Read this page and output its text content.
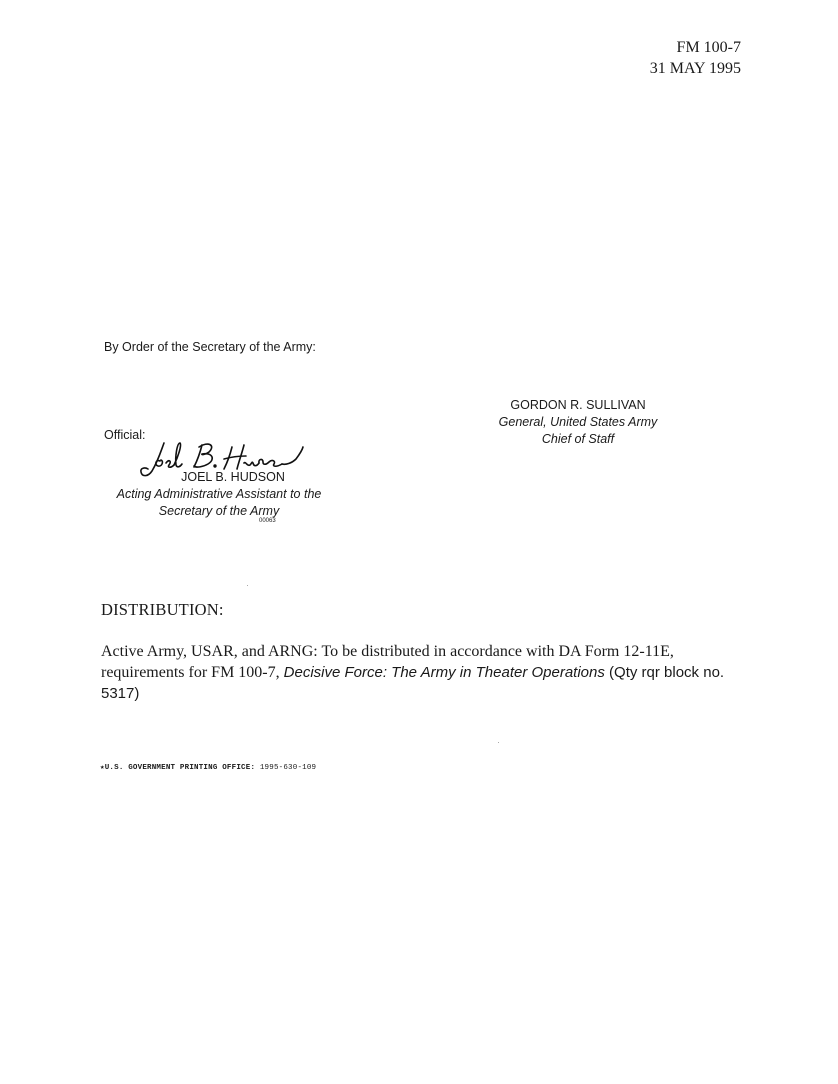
FM 100-7
31 MAY 1995
By Order of the Secretary of the Army:
GORDON R. SULLIVAN
General, United States Army
Chief of Staff
Official:
JOEL B. HUDSON
Acting Administrative Assistant to the
Secretary of the Army
00063
DISTRIBUTION:
Active Army, USAR, and ARNG: To be distributed in accordance with DA Form 12-11E, requirements for FM 100-7, Decisive Force: The Army in Theater Operations (Qty rqr block no. 5317)
★U.S. GOVERNMENT PRINTING OFFICE: 1995-630-109
